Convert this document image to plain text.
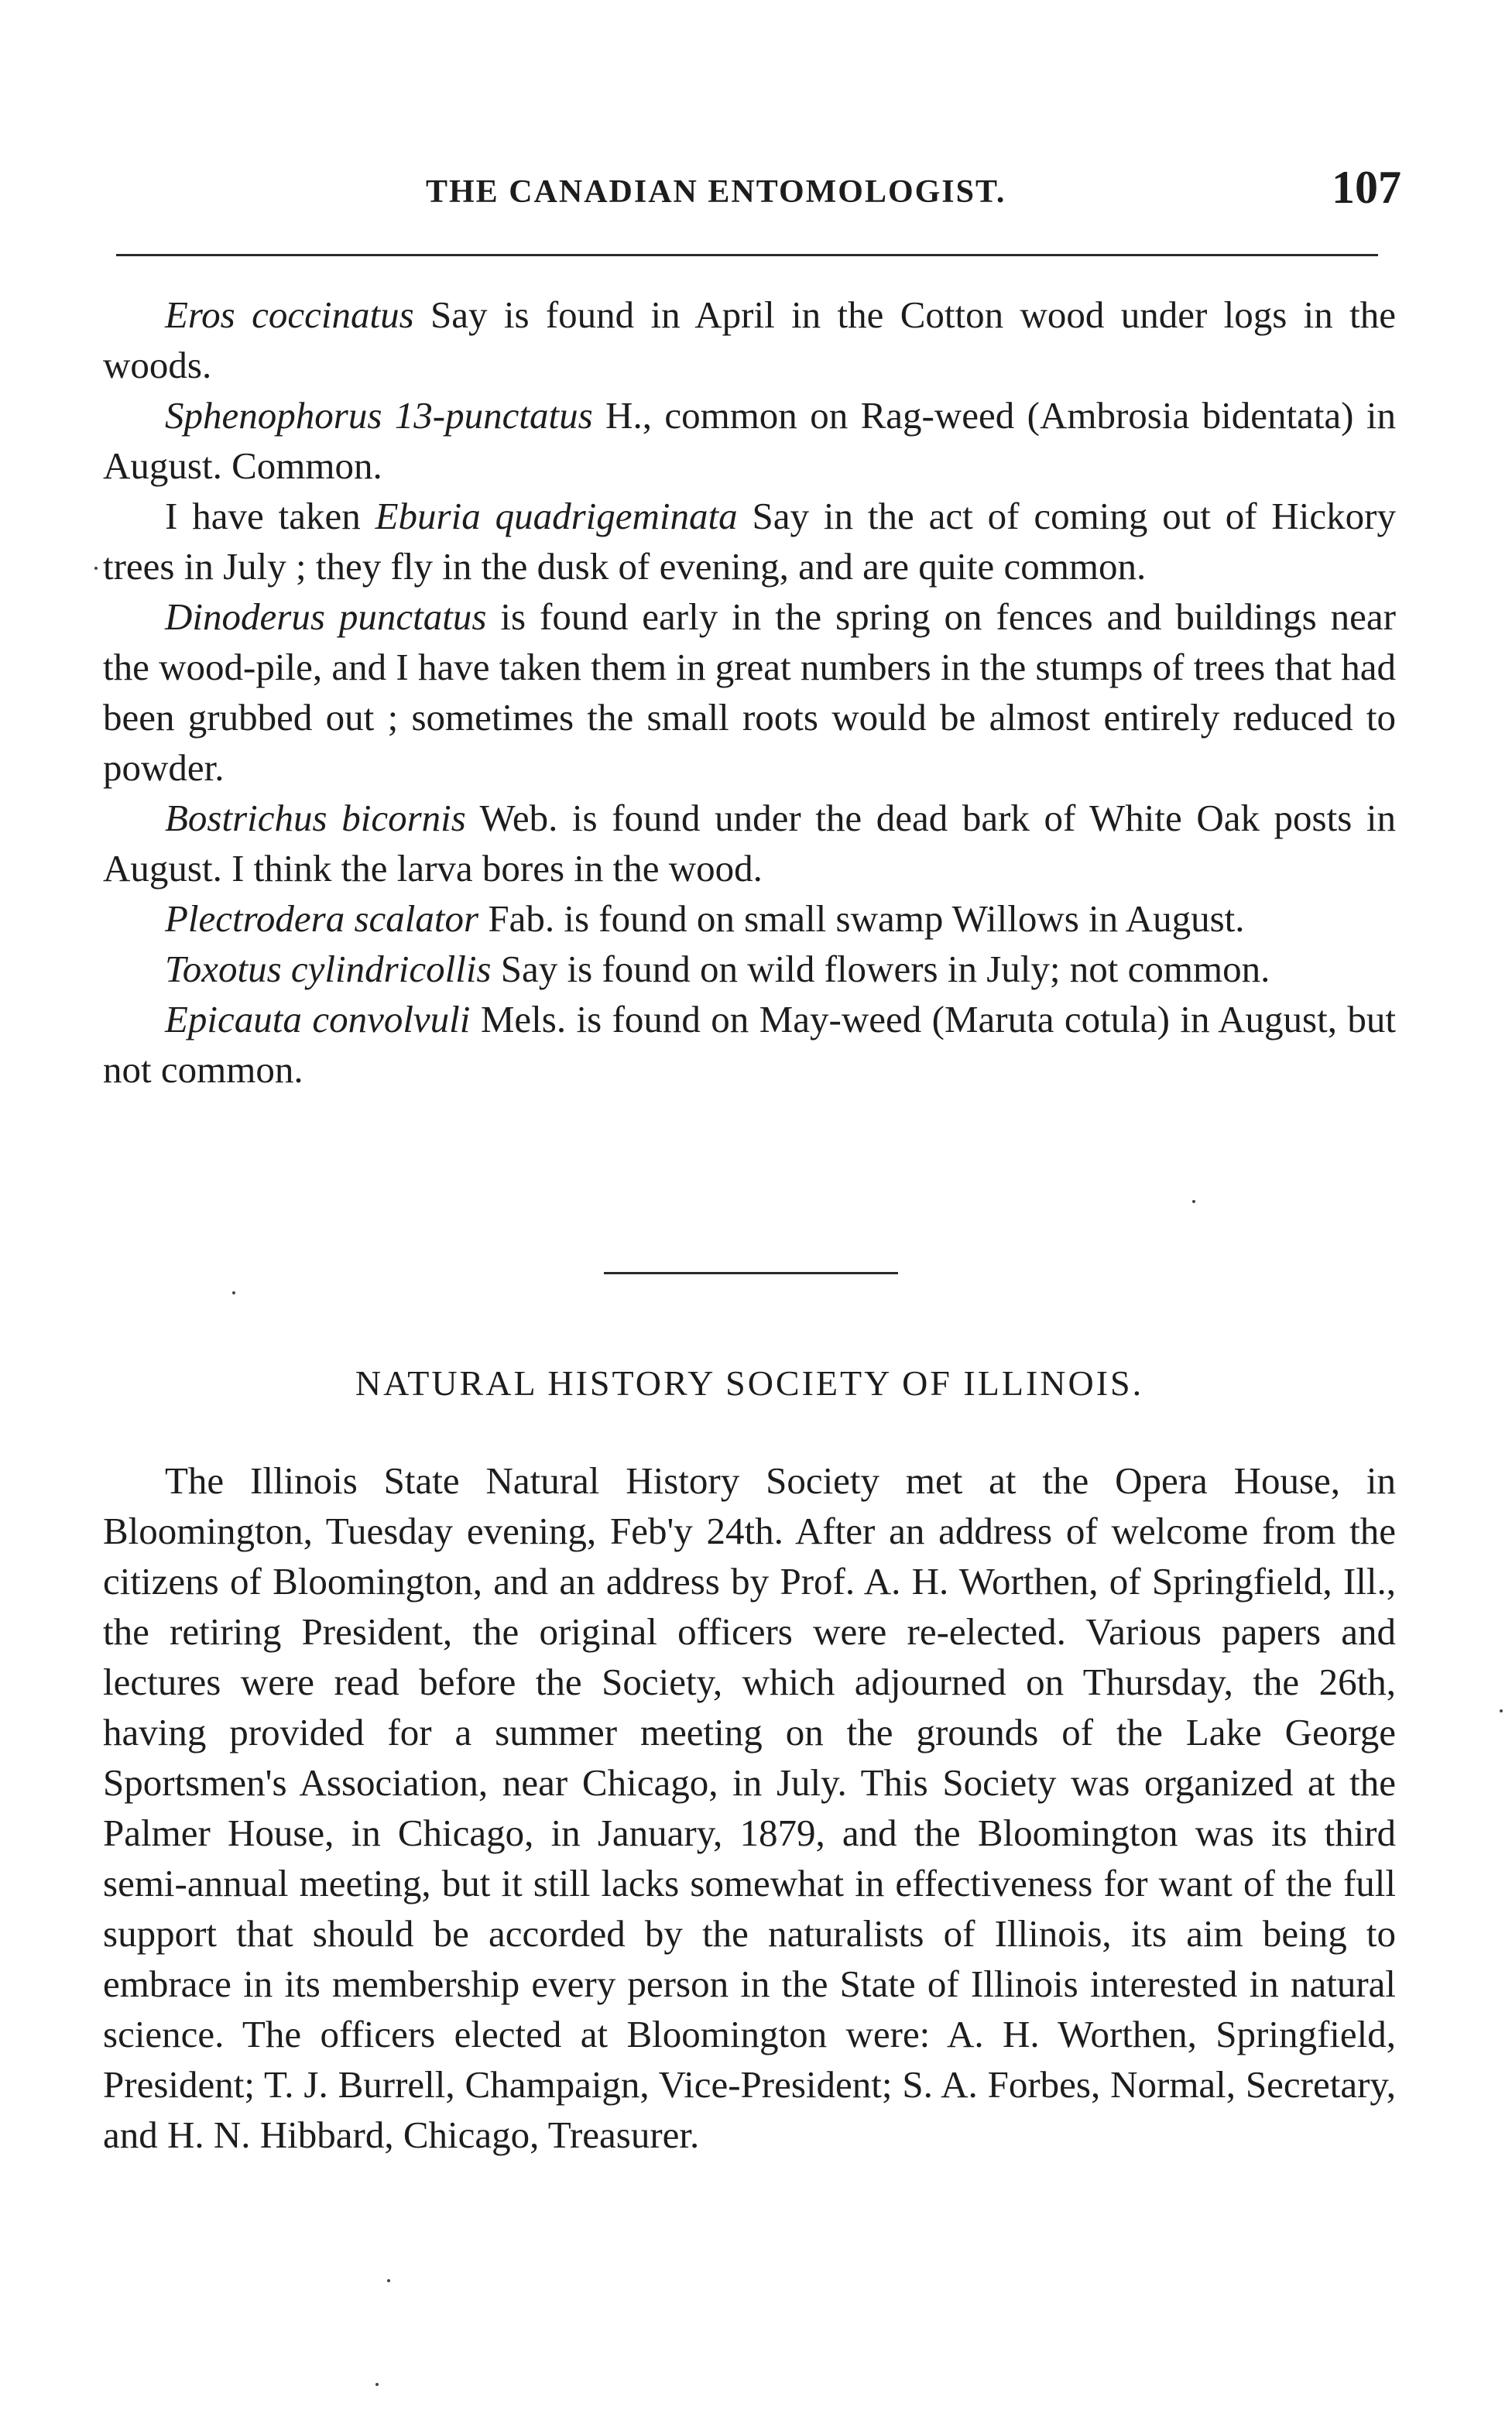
THE CANADIAN ENTOMOLOGIST.	107

Eros coccinatus Say is found in April in the Cotton wood under logs in the woods.

Sphenophorus 13-punctatus H., common on Rag-weed (Ambrosia bidentata) in August. Common.

I have taken Eburia quadrigeminata Say in the act of coming out of Hickory trees in July ; they fly in the dusk of evening, and are quite common.

Dinoderus punctatus is found early in the spring on fences and buildings near the wood-pile, and I have taken them in great numbers in the stumps of trees that had been grubbed out ; sometimes the small roots would be almost entirely reduced to powder.

Bostrichus bicornis Web. is found under the dead bark of White Oak posts in August. I think the larva bores in the wood.

Plectrodera scalator Fab. is found on small swamp Willows in August.

Toxotus cylindricollis Say is found on wild flowers in July; not common.

Epicauta convolvuli Mels. is found on May-weed (Maruta cotula) in August, but not common.

NATURAL HISTORY SOCIETY OF ILLINOIS.

The Illinois State Natural History Society met at the Opera House, in Bloomington, Tuesday evening, Feb'y 24th. After an address of welcome from the citizens of Bloomington, and an address by Prof. A. H. Worthen, of Springfield, Ill., the retiring President, the original officers were re-elected. Various papers and lectures were read before the Society, which adjourned on Thursday, the 26th, having provided for a summer meeting on the grounds of the Lake George Sportsmen's Association, near Chicago, in July. This Society was organized at the Palmer House, in Chicago, in January, 1879, and the Bloomington was its third semi-annual meeting, but it still lacks somewhat in effectiveness for want of the full support that should be accorded by the naturalists of Illinois, its aim being to embrace in its membership every person in the State of Illinois interested in natural science. The officers elected at Bloomington were: A. H. Worthen, Springfield, President; T. J. Burrell, Champaign, Vice-President; S. A. Forbes, Normal, Secretary, and H. N. Hibbard, Chicago, Treasurer.
